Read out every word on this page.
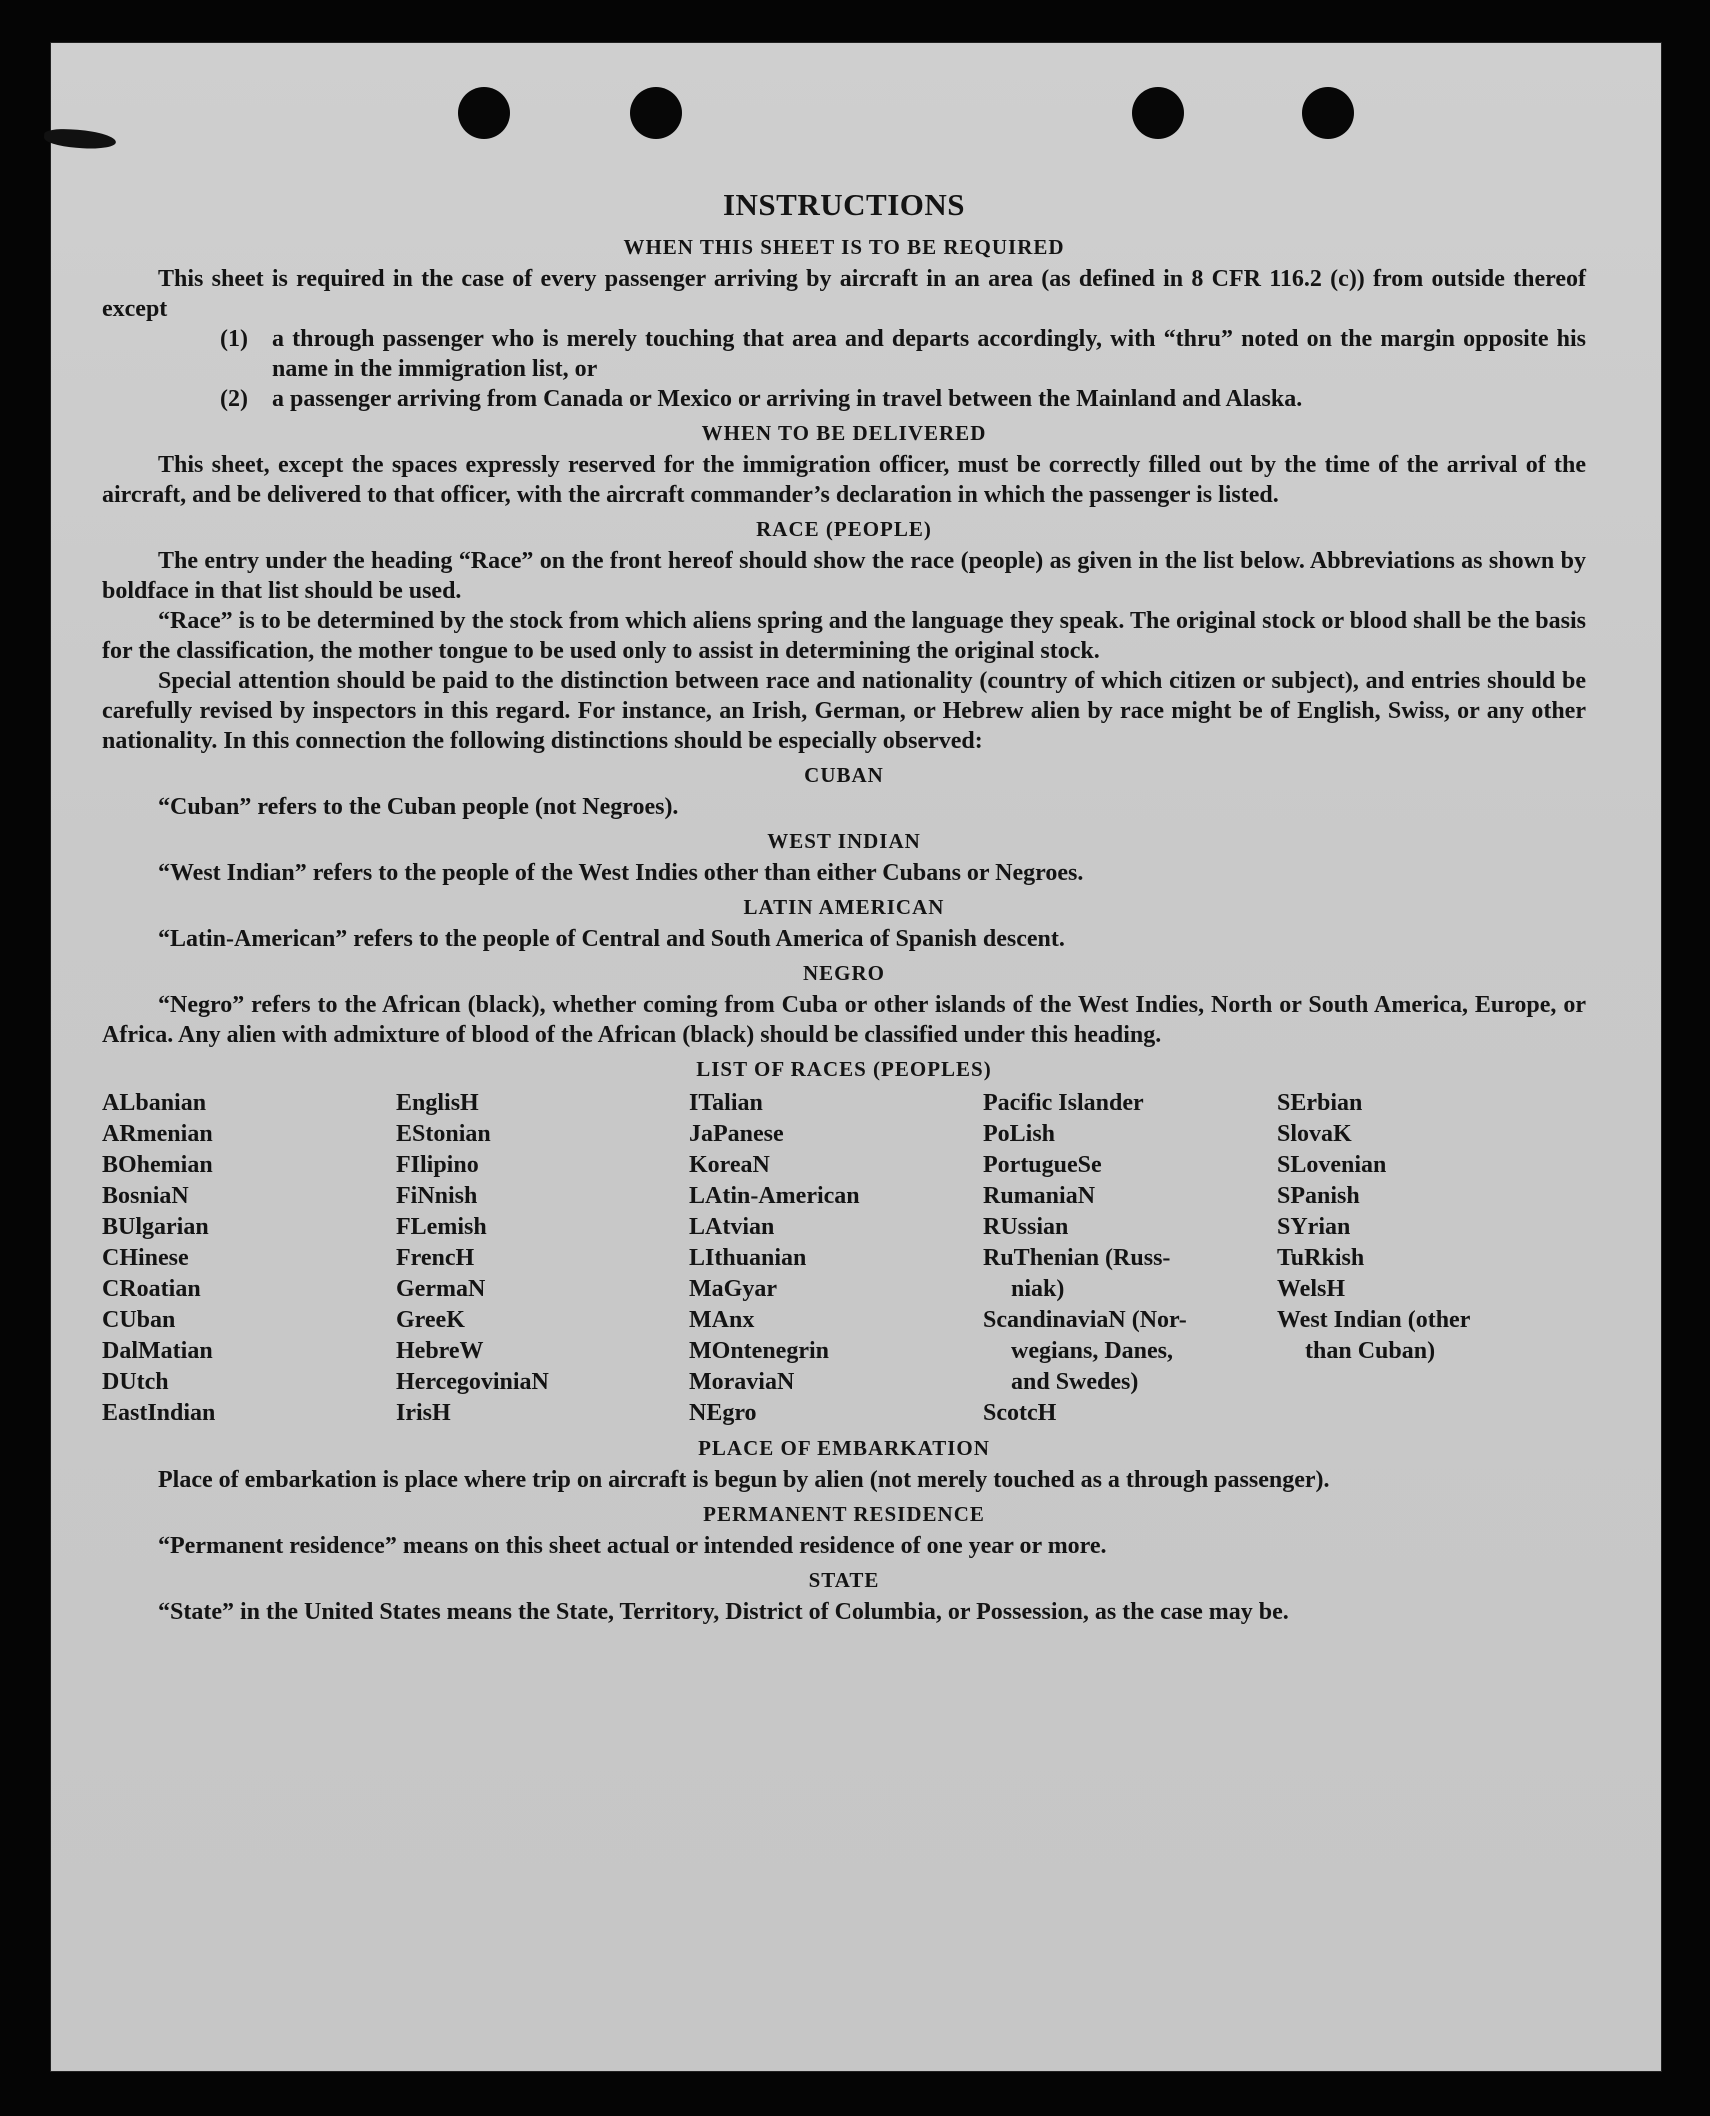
INSTRUCTIONS
WHEN THIS SHEET IS TO BE REQUIRED

This sheet is required in the case of every passenger arriving by aircraft in an area (as defined in 8 CFR 116.2 (c)) from outside thereof except

(1)	a through passenger who is merely touching that area and departs accordingly, with “thru” noted on the margin opposite his name in the immigration list, or
(2)	a passenger arriving from Canada or Mexico or arriving in travel between the Mainland and Alaska.
WHEN TO BE DELIVERED

This sheet, except the spaces expressly reserved for the immigration officer, must be correctly filled out by the time of the arrival of the aircraft, and be delivered to that officer, with the aircraft commander’s declaration in which the passenger is listed.

RACE (PEOPLE)

The entry under the heading “Race” on the front hereof should show the race (people) as given in the list below. Abbreviations as shown by boldface in that list should be used.

“Race” is to be determined by the stock from which aliens spring and the language they speak. The original stock or blood shall be the basis for the classification, the mother tongue to be used only to assist in determining the original stock.

Special attention should be paid to the distinction between race and nationality (country of which citizen or subject), and entries should be carefully revised by inspectors in this regard. For instance, an Irish, German, or Hebrew alien by race might be of English, Swiss, or any other nationality. In this connection the following distinctions should be especially observed:

CUBAN

“Cuban” refers to the Cuban people (not Negroes).

WEST INDIAN

“West Indian” refers to the people of the West Indies other than either Cubans or Negroes.

LATIN AMERICAN

“Latin-American” refers to the people of Central and South America of Spanish descent.

NEGRO

“Negro” refers to the African (black), whether coming from Cuba or other islands of the West Indies, North or South America, Europe, or Africa. Any alien with admixture of blood of the African (black) should be classified under this heading.

LIST OF RACES (PEOPLES)
ALbanian
ARmenian
BOhemian
BosniaN
BUlgarian
CHinese
CRoatian
CUban
DalMatian
DUtch
EastIndian
EnglisH
EStonian
FIlipino
FiNnish
FLemish
FrencH
GermaN
GreeK
HebreW
HercegoviniaN
IrisH
ITalian
JaPanese
KoreaN
LAtin-American
LAtvian
LIthuanian
MaGyar
MAnx
MOntenegrin
MoraviaN
NEgro
Pacific Islander
PoLish
PortugueSe
RumaniaN
RUssian
RuThenian (Russ-
niak)
ScandinaviaN (Nor-
wegians, Danes,
and Swedes)
ScotcH
SErbian
SlovaK
SLovenian
SPanish
SYrian
TuRkish
WelsH
West Indian (other
than Cuban)
PLACE OF EMBARKATION

Place of embarkation is place where trip on aircraft is begun by alien (not merely touched as a through passenger).

PERMANENT RESIDENCE

“Permanent residence” means on this sheet actual or intended residence of one year or more.

STATE

“State” in the United States means the State, Territory, District of Columbia, or Possession, as the case may be.
